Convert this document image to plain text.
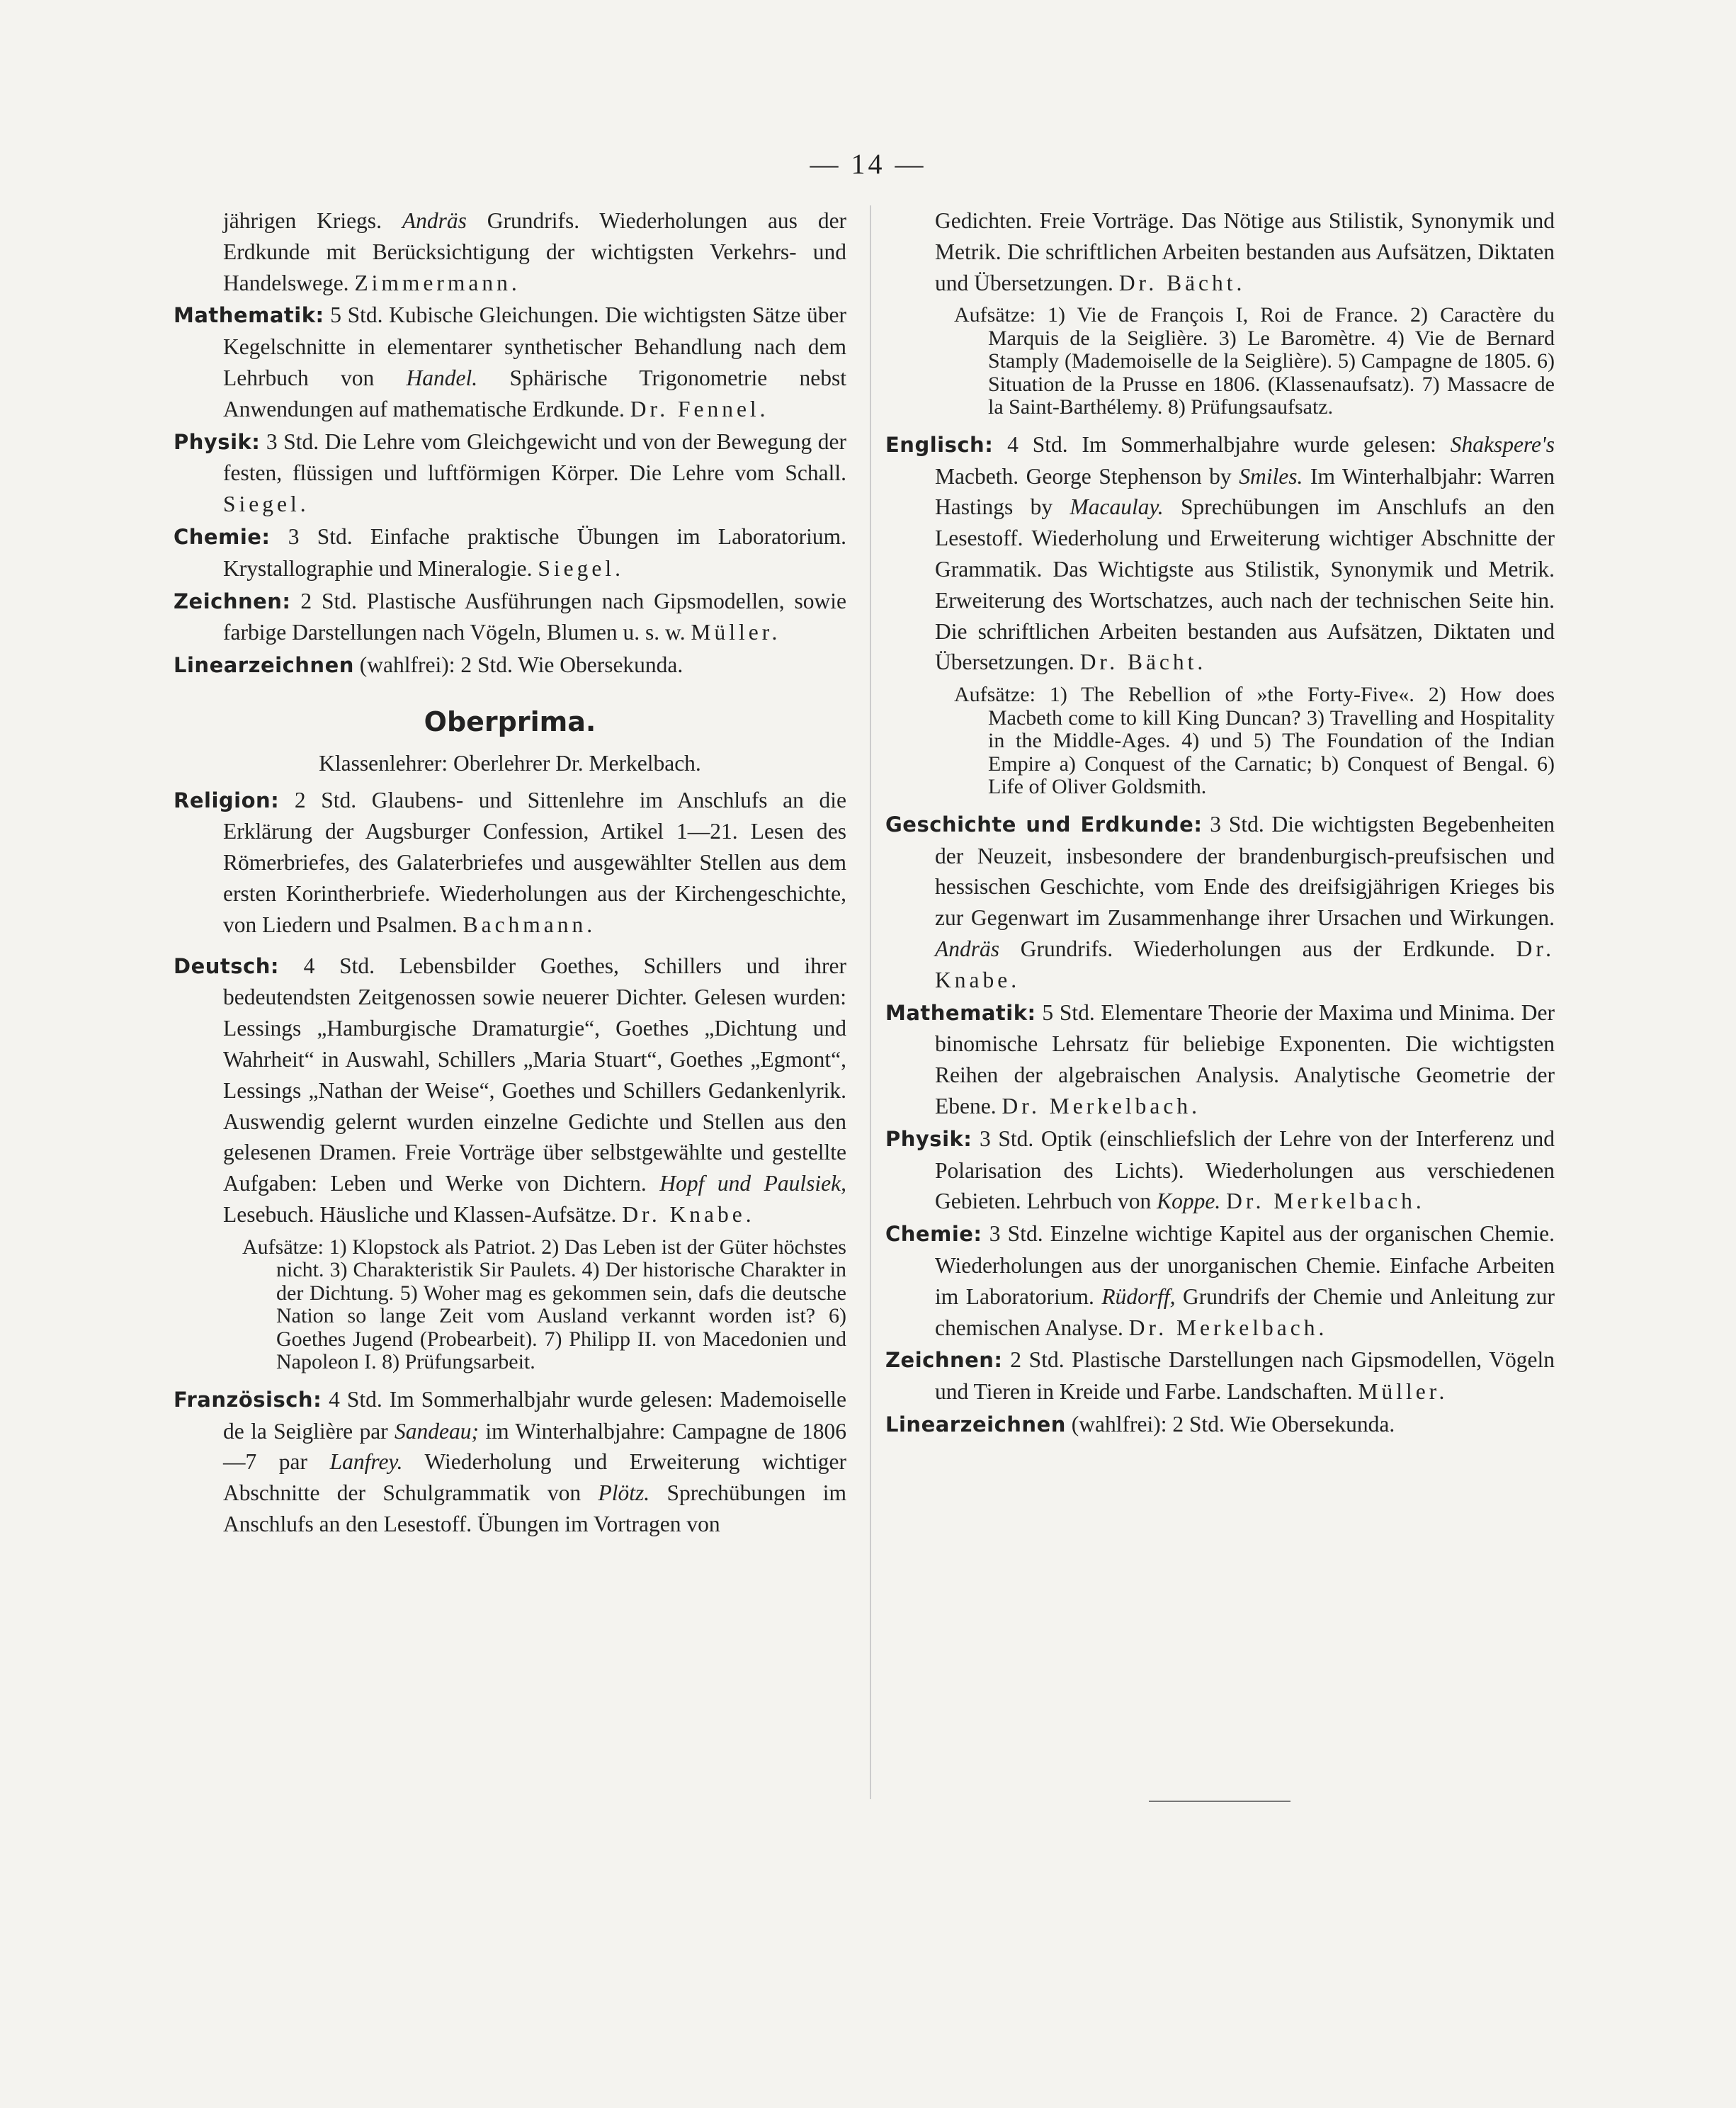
— 14 —

jährigen Kriegs. Andräs Grundrifs. Wiederholungen aus der Erdkunde mit Berücksichtigung der wichtigsten Verkehrs- und Handelswege. Zimmermann.

Mathematik: 5 Std. Kubische Gleichungen. Die wichtigsten Sätze über Kegelschnitte in elementarer synthetischer Behandlung nach dem Lehrbuch von Handel. Sphärische Trigonometrie nebst Anwendungen auf mathematische Erdkunde. Dr. Fennel.

Physik: 3 Std. Die Lehre vom Gleichgewicht und von der Bewegung der festen, flüssigen und luftförmigen Körper. Die Lehre vom Schall. Siegel.

Chemie: 3 Std. Einfache praktische Übungen im Laboratorium. Krystallographie und Mineralogie. Siegel.

Zeichnen: 2 Std. Plastische Ausführungen nach Gipsmodellen, sowie farbige Darstellungen nach Vögeln, Blumen u. s. w. Müller.

Linearzeichnen (wahlfrei): 2 Std. Wie Obersekunda.

Oberprima.

Klassenlehrer: Oberlehrer Dr. Merkelbach.

Religion: 2 Std. Glaubens- und Sittenlehre im Anschlufs an die Erklärung der Augsburger Confession, Artikel 1—21. Lesen des Römerbriefes, des Galaterbriefes und ausgewählter Stellen aus dem ersten Korintherbriefe. Wiederholungen aus der Kirchengeschichte, von Liedern und Psalmen. Bachmann.

Deutsch: 4 Std. Lebensbilder Goethes, Schillers und ihrer bedeutendsten Zeitgenossen sowie neuerer Dichter. Gelesen wurden: Lessings „Hamburgische Dramaturgie“, Goethes „Dichtung und Wahrheit“ in Auswahl, Schillers „Maria Stuart“, Goethes „Egmont“, Lessings „Nathan der Weise“, Goethes und Schillers Gedankenlyrik. Auswendig gelernt wurden einzelne Gedichte und Stellen aus den gelesenen Dramen. Freie Vorträge über selbstgewählte und gestellte Aufgaben: Leben und Werke von Dichtern. Hopf und Paulsiek, Lesebuch. Häusliche und Klassen-Aufsätze. Dr. Knabe.

Aufsätze: 1) Klopstock als Patriot. 2) Das Leben ist der Güter höchstes nicht. 3) Charakteristik Sir Paulets. 4) Der historische Charakter in der Dichtung. 5) Woher mag es gekommen sein, dafs die deutsche Nation so lange Zeit vom Ausland verkannt worden ist? 6) Goethes Jugend (Probearbeit). 7) Philipp II. von Macedonien und Napoleon I. 8) Prüfungsarbeit.

Französisch: 4 Std. Im Sommerhalbjahr wurde gelesen: Mademoiselle de la Seiglière par Sandeau; im Winterhalbjahre: Campagne de 1806—7 par Lanfrey. Wiederholung und Erweiterung wichtiger Abschnitte der Schulgrammatik von Plötz. Sprechübungen im Anschlufs an den Lesestoff. Übungen im Vortragen von

Gedichten. Freie Vorträge. Das Nötige aus Stilistik, Synonymik und Metrik. Die schriftlichen Arbeiten bestanden aus Aufsätzen, Diktaten und Übersetzungen. Dr. Bächt.

Aufsätze: 1) Vie de François I, Roi de France. 2) Caractère du Marquis de la Seiglière. 3) Le Baromètre. 4) Vie de Bernard Stamply (Mademoiselle de la Seiglière). 5) Campagne de 1805. 6) Situation de la Prusse en 1806. (Klassenaufsatz). 7) Massacre de la Saint-Barthélemy. 8) Prüfungsaufsatz.

Englisch: 4 Std. Im Sommerhalbjahre wurde gelesen: Shakspere's Macbeth. George Stephenson by Smiles. Im Winterhalbjahr: Warren Hastings by Macaulay. Sprechübungen im Anschlufs an den Lesestoff. Wiederholung und Erweiterung wichtiger Abschnitte der Grammatik. Das Wichtigste aus Stilistik, Synonymik und Metrik. Erweiterung des Wortschatzes, auch nach der technischen Seite hin. Die schriftlichen Arbeiten bestanden aus Aufsätzen, Diktaten und Übersetzungen. Dr. Bächt.

Aufsätze: 1) The Rebellion of »the Forty-Five«. 2) How does Macbeth come to kill King Duncan? 3) Travelling and Hospitality in the Middle-Ages. 4) und 5) The Foundation of the Indian Empire a) Conquest of the Carnatic; b) Conquest of Bengal. 6) Life of Oliver Goldsmith.

Geschichte und Erdkunde: 3 Std. Die wichtigsten Begebenheiten der Neuzeit, insbesondere der brandenburgisch-preufsischen und hessischen Geschichte, vom Ende des dreifsigjährigen Krieges bis zur Gegenwart im Zusammenhange ihrer Ursachen und Wirkungen. Andräs Grundrifs. Wiederholungen aus der Erdkunde. Dr. Knabe.

Mathematik: 5 Std. Elementare Theorie der Maxima und Minima. Der binomische Lehrsatz für beliebige Exponenten. Die wichtigsten Reihen der algebraischen Analysis. Analytische Geometrie der Ebene. Dr. Merkelbach.

Physik: 3 Std. Optik (einschliefslich der Lehre von der Interferenz und Polarisation des Lichts). Wiederholungen aus verschiedenen Gebieten. Lehrbuch von Koppe. Dr. Merkelbach.

Chemie: 3 Std. Einzelne wichtige Kapitel aus der organischen Chemie. Wiederholungen aus der unorganischen Chemie. Einfache Arbeiten im Laboratorium. Rüdorff, Grundrifs der Chemie und Anleitung zur chemischen Analyse. Dr. Merkelbach.

Zeichnen: 2 Std. Plastische Darstellungen nach Gipsmodellen, Vögeln und Tieren in Kreide und Farbe. Landschaften. Müller.

Linearzeichnen (wahlfrei): 2 Std. Wie Obersekunda.
